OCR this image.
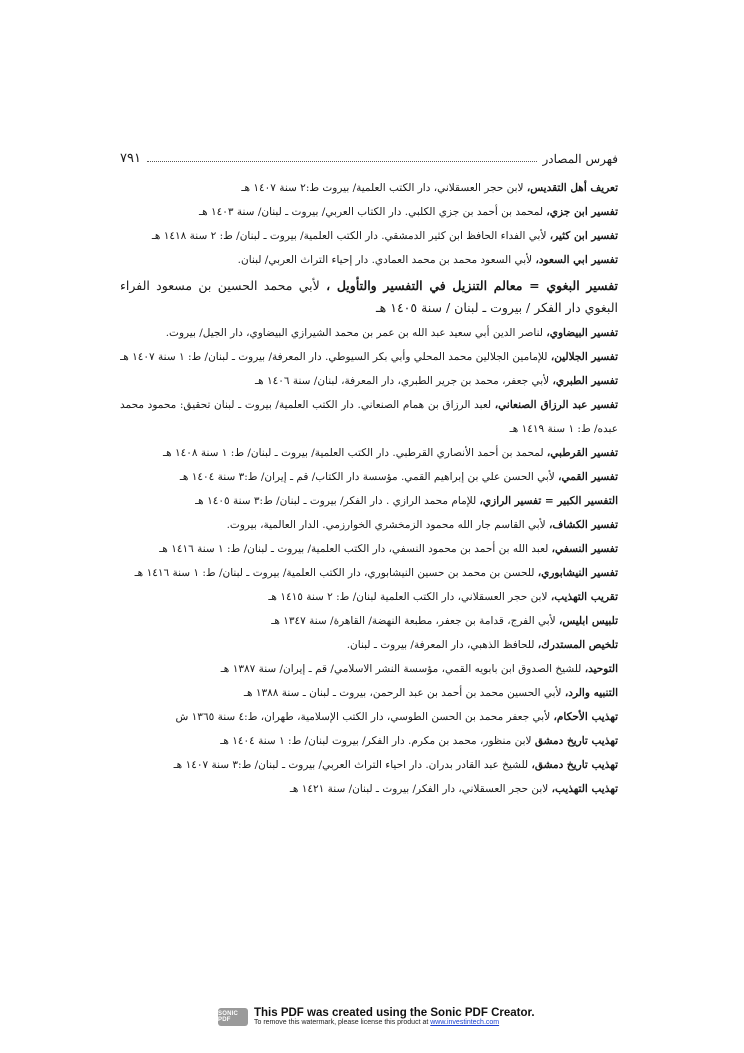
فهرس المصادر
٧٩١

تعريف أهل التقديس، لابن حجر العسقلاني، دار الكتب العلمية/ بيروت ط:٢ سنة ١٤٠٧ هـ

تفسير ابن جزي، لمحمد بن أحمد بن جزي الكلبي. دار الكتاب العربي/ بيروت ـ لبنان/ سنة ١٤٠٣ هـ

تفسير ابن كثير، لأبي الفداء الحافظ ابن كثير الدمشقي. دار الكتب العلمية/ بيروت ـ لبنان/ ط: ٢ سنة ١٤١٨ هـ

تفسير ابي السعود، لأبي السعود محمد بن محمد العمادي. دار إحياء التراث العربي/ لبنان.

تفسير البغوي = معالم التنزيل في التفسير والتأويل ، لأبي محمد الحسين بن مسعود الفراء البغوي دار الفكر / بيروت ـ لبنان / سنة ١٤٠٥ هـ

تفسير البيضاوي، لناصر الدين أبي سعيد عبد الله بن عمر بن محمد الشيرازي البيضاوي، دار الجيل/ بيروت.

تفسير الجلالين، للإمامين الجلالين محمد المحلي وأبي بكر السيوطي. دار المعرفة/ بيروت ـ لبنان/ ط: ١ سنة ١٤٠٧ هـ

تفسير الطبري، لأبي جعفر، محمد بن جرير الطبري، دار المعرفة، لبنان/ سنة ١٤٠٦ هـ

تفسير عبد الرزاق الصنعاني، لعبد الرزاق بن همام الصنعاني. دار الكتب العلمية/ بيروت ـ لبنان تحقيق: محمود محمد عبده/ ط: ١ سنة ١٤١٩ هـ

تفسير القرطبي، لمحمد بن أحمد الأنصاري القرطبي. دار الكتب العلمية/ بيروت ـ لبنان/ ط: ١ سنة ١٤٠٨ هـ

تفسير القمي، لأبي الحسن علي بن إبراهيم القمي. مؤسسة دار الكتاب/ قم ـ إيران/ ط:٣ سنة ١٤٠٤ هـ

التفسير الكبير = تفسير الرازي، للإمام محمد الرازي . دار الفكر/ بيروت ـ لبنان/ ط:٣ سنة ١٤٠٥ هـ

تفسير الكشاف، لأبي القاسم جار الله محمود الزمخشري الخوارزمي. الدار العالمية، بيروت.

تفسير النسفي، لعبد الله بن أحمد بن محمود النسفي، دار الكتب العلمية/ بيروت ـ لبنان/ ط: ١ سنة ١٤١٦ هـ

تفسير النيشابوري، للحسن بن محمد بن حسين النيشابوري، دار الكتب العلمية/ بيروت ـ لبنان/ ط: ١ سنة ١٤١٦ هـ

تقريب التهذيب، لابن حجر العسقلاني، دار الكتب العلمية لبنان/ ط: ٢ سنة ١٤١٥ هـ

تلبيس ابليس، لأبي الفرج، قدامة بن جعفر، مطبعة النهضة/ القاهرة/ سنة ١٣٤٧ هـ

تلخيص المستدرك، للحافظ الذهبي، دار المعرفة/ بيروت ـ لبنان.

التوحيد، للشيخ الصدوق ابن بابويه القمي، مؤسسة النشر الاسلامي/ قم ـ إيران/ سنة ١٣٨٧ هـ

التنبيه والرد، لأبي الحسين محمد بن أحمد بن عبد الرحمن، بيروت ـ لبنان ـ سنة ١٣٨٨ هـ

تهذيب الأحكام، لأبي جعفر محمد بن الحسن الطوسي، دار الكتب الإسلامية، طهران، ط:٤ سنة ١٣٦٥ ش

تهذيب تاريخ دمشق لابن منظور، محمد بن مكرم. دار الفكر/ بيروت لبنان/ ط: ١ سنة ١٤٠٤ هـ

تهذيب تاريخ دمشق، للشيخ عبد القادر بدران. دار احياء التراث العربي/ بيروت ـ لبنان/ ط:٣ سنة ١٤٠٧ هـ

تهذيب التهذيب، لابن حجر العسقلاني، دار الفكر/ بيروت ـ لبنان/ سنة ١٤٢١ هـ

SONIC PDF
This PDF was created using the Sonic PDF Creator.
To remove this watermark, please license this product at www.investintech.com
